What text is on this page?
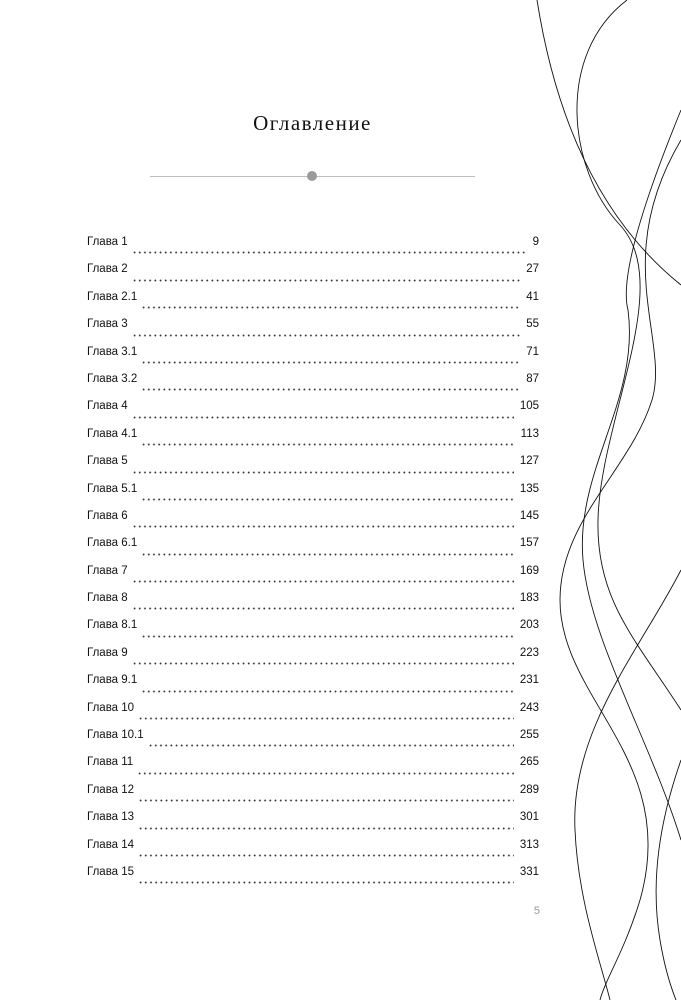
Оглавление
Глава 1	9
Глава 2	27
Глава 2.1	41
Глава 3	55
Глава 3.1	71
Глава 3.2	87
Глава 4	105
Глава 4.1	113
Глава 5	127
Глава 5.1	135
Глава 6	145
Глава 6.1	157
Глава 7	169
Глава 8	183
Глава 8.1	203
Глава 9	223
Глава 9.1	231
Глава 10	243
Глава 10.1	255
Глава 11	265
Глава 12	289
Глава 13	301
Глава 14	313
Глава 15	331
5
